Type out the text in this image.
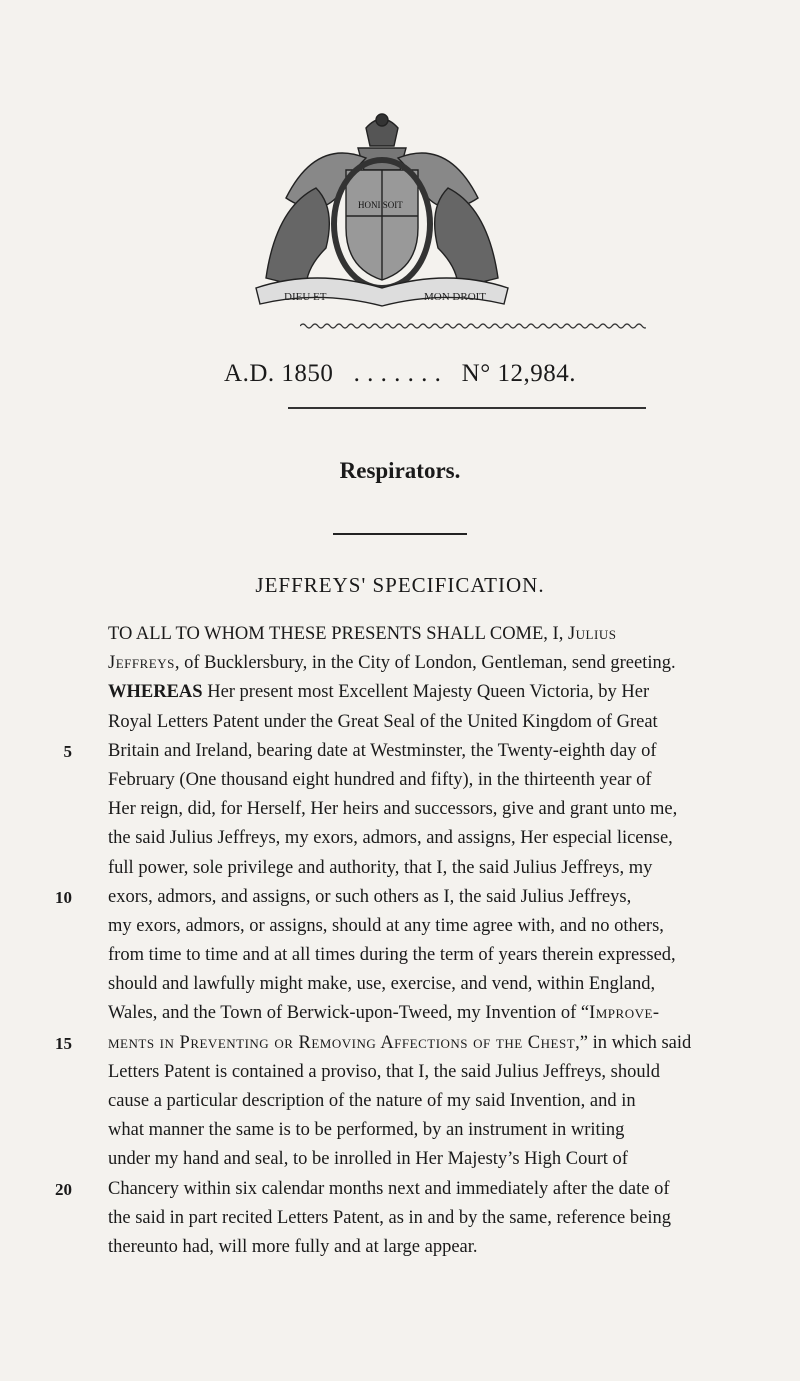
DIEU ET
HONI SOIT
MON DROIT
A.D. 1850 . . . . . . . N° 12,984.
Respirators.
JEFFREYS' SPECIFICATION.
TO ALL TO WHOM THESE PRESENTS SHALL COME, I, Julius
Jeffreys, of Bucklersbury, in the City of London, Gentleman, send greeting.
WHEREAS Her present most Excellent Majesty Queen Victoria, by Her
Royal Letters Patent under the Great Seal of the United Kingdom of Great
5 Britain and Ireland, bearing date at Westminster, the Twenty-eighth day of
February (One thousand eight hundred and fifty), in the thirteenth year of
Her reign, did, for Herself, Her heirs and successors, give and grant unto me,
the said Julius Jeffreys, my exors, admors, and assigns, Her especial license,
full power, sole privilege and authority, that I, the said Julius Jeffreys, my
10 exors, admors, and assigns, or such others as I, the said Julius Jeffreys,
my exors, admors, or assigns, should at any time agree with, and no others,
from time to time and at all times during the term of years therein expressed,
should and lawfully might make, use, exercise, and vend, within England,
Wales, and the Town of Berwick-upon-Tweed, my Invention of “Improve-
15 ments in Preventing or Removing Affections of the Chest,” in which said
Letters Patent is contained a proviso, that I, the said Julius Jeffreys, should
cause a particular description of the nature of my said Invention, and in
what manner the same is to be performed, by an instrument in writing
under my hand and seal, to be inrolled in Her Majesty’s High Court of
20 Chancery within six calendar months next and immediately after the date of
the said in part recited Letters Patent, as in and by the same, reference being
thereunto had, will more fully and at large appear.
